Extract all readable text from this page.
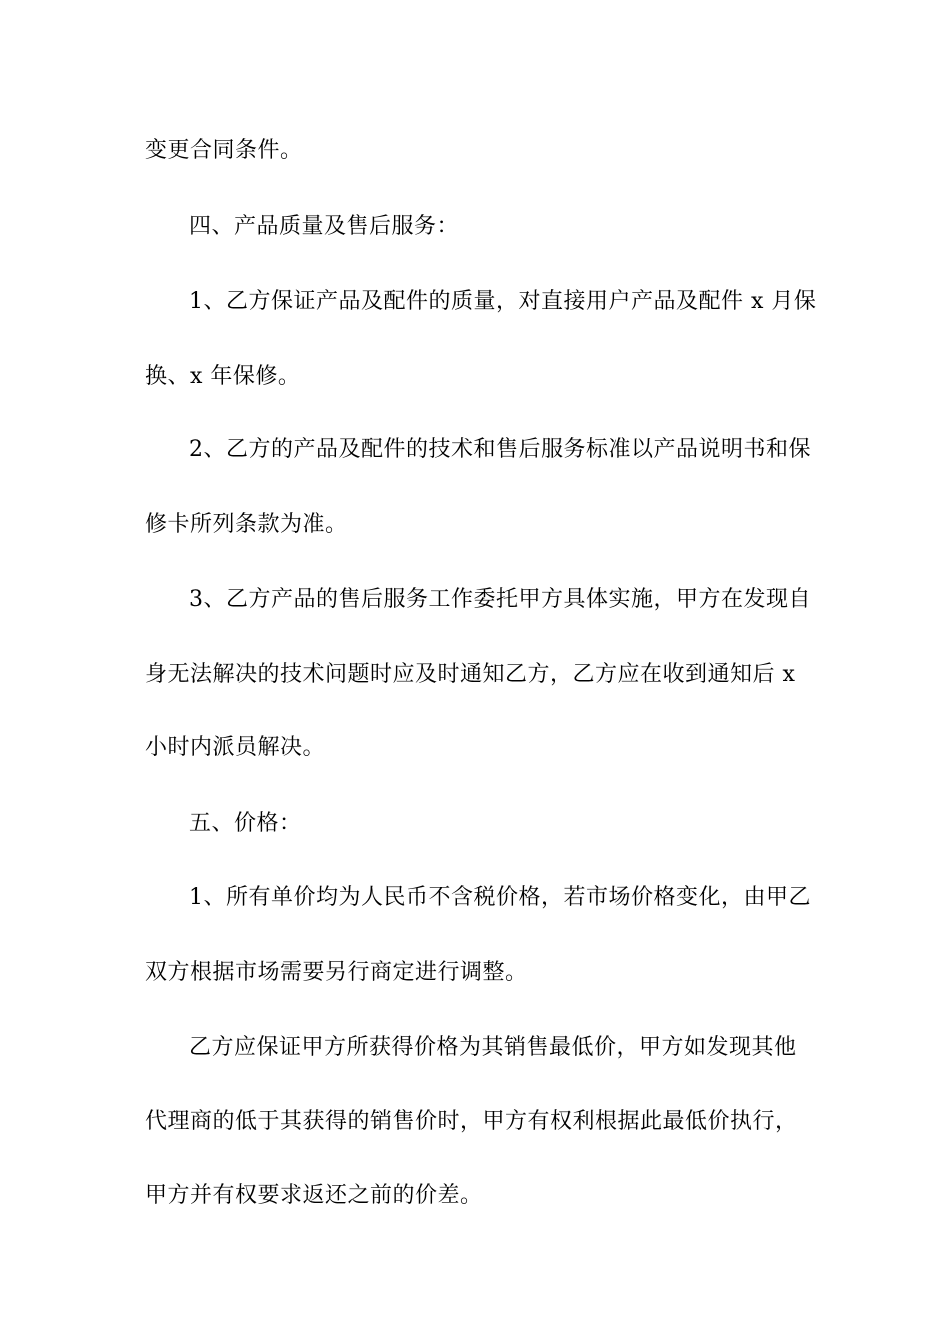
变更合同条件。
四、产品质量及售后服务：
1、乙方保证产品及配件的质量，对直接用户产品及配件 x 月保
换、x 年保修。
2、乙方的产品及配件的技术和售后服务标准以产品说明书和保
修卡所列条款为准。
3、乙方产品的售后服务工作委托甲方具体实施，甲方在发现自
身无法解决的技术问题时应及时通知乙方，乙方应在收到通知后 x
小时内派员解决。
五、价格：
1、所有单价均为人民币不含税价格，若市场价格变化，由甲乙
双方根据市场需要另行商定进行调整。
乙方应保证甲方所获得价格为其销售最低价，甲方如发现其他
代理商的低于其获得的销售价时，甲方有权利根据此最低价执行，
甲方并有权要求返还之前的价差。
